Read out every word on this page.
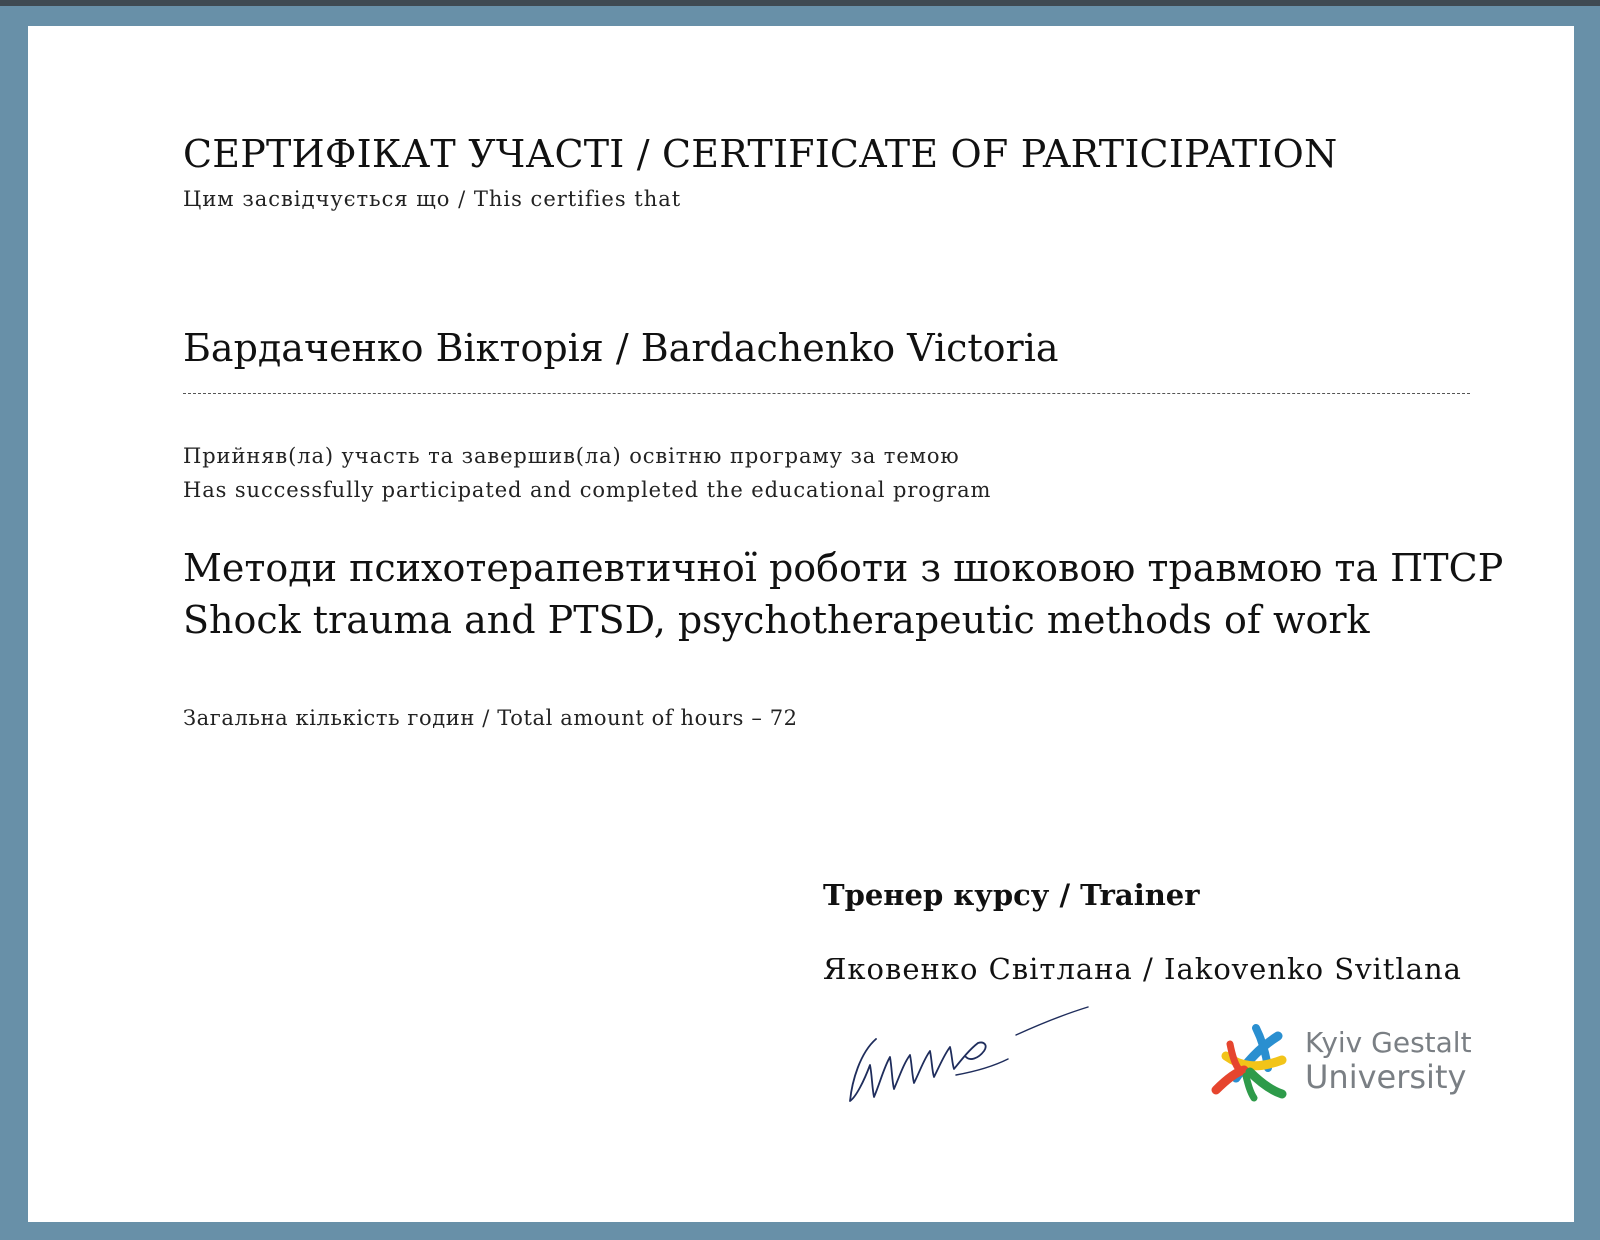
СЕРТИФІКАТ УЧАСТІ / CERTIFICATE OF PARTICIPATION
Цим засвідчується що / This certifies that
Бардаченко Вікторія / Bardachenko Victoria
Прийняв(ла) участь та завершив(ла) освітню програму за темою
Has successfully participated and completed the educational program
Методи психотерапевтичної роботи з шоковою травмою та ПТСР
Shock trauma and PTSD, psychotherapeutic methods of work
Загальна кількість годин / Total amount of hours – 72
Тренер курсу / Trainer
Яковенко Світлана / Iakovenko Svitlana
Kyiv Gestalt
University
